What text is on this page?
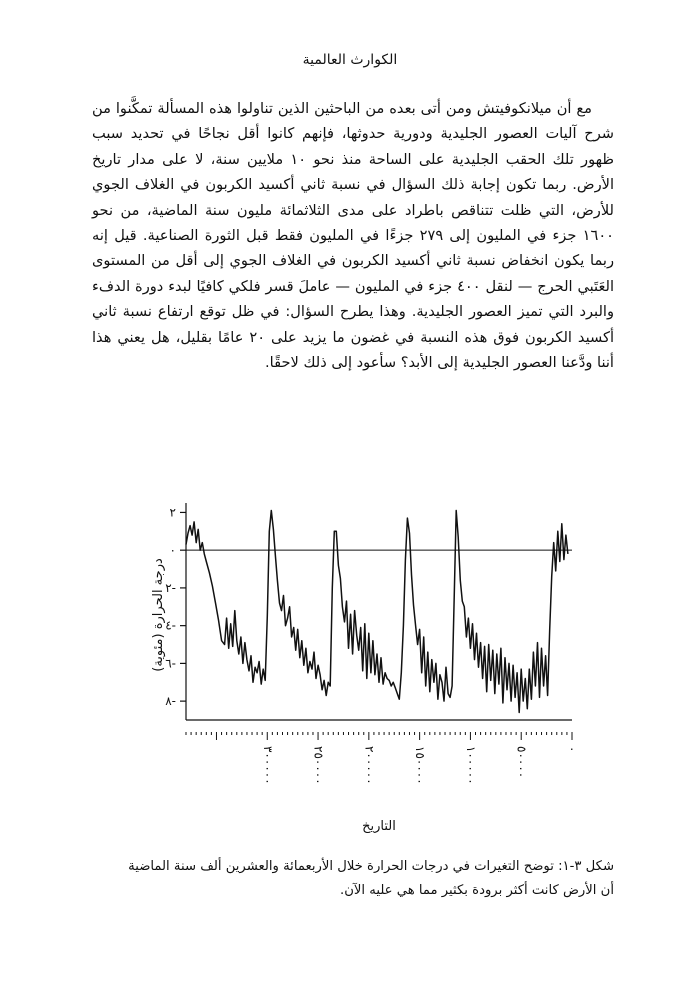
الكوارث العالمية

مع أن ميلانكوفيتش ومن أتى بعده من الباحثين الذين تناولوا هذه المسألة تمكَّنوا من شرح آليات العصور الجليدية ودورية حدوثها، فإنهم كانوا أقل نجاحًا في تحديد سبب ظهور تلك الحقب الجليدية على الساحة منذ نحو ١٠ ملايين سنة، لا على مدار تاريخ الأرض. ربما تكون إجابة ذلك السؤال في نسبة ثاني أكسيد الكربون في الغلاف الجوي للأرض، التي ظلت تتناقص باطراد على مدى الثلاثمائة مليون سنة الماضية، من نحو ١٦٠٠ جزء في المليون إلى ٢٧٩ جزءًا في المليون فقط قبل الثورة الصناعية. قيل إنه ربما يكون انخفاض نسبة ثاني أكسيد الكربون في الغلاف الجوي إلى أقل من المستوى العَتَبي الحرج — لنقل ٤٠٠ جزء في المليون — عاملَ قسر فلكي كافيًا لبدء دورة الدفء والبرد التي تميز العصور الجليدية. وهذا يطرح السؤال: في ظل توقع ارتفاع نسبة ثاني أكسيد الكربون فوق هذه النسبة في غضون ما يزيد على ٢٠ عامًا بقليل، هل يعني هذا أننا ودَّعنا العصور الجليدية إلى الأبد؟ سأعود إلى ذلك لاحقًا.

٢
٠
٢-
٤-
٦-
٨-
٣٠٠٠٠٠	٢٥٠٠٠٠	٢٠٠٠٠٠	١٥٠٠٠٠	١٠٠٠٠٠	٥٠٠٠٠	٠
التاريخ
درجة الحرارة (مئوية)
شكل ٣-١: توضح التغيرات في درجات الحرارة خلال الأربعمائة والعشرين ألف سنة الماضية
أن الأرض كانت أكثر برودة بكثير مما هي عليه الآن.
